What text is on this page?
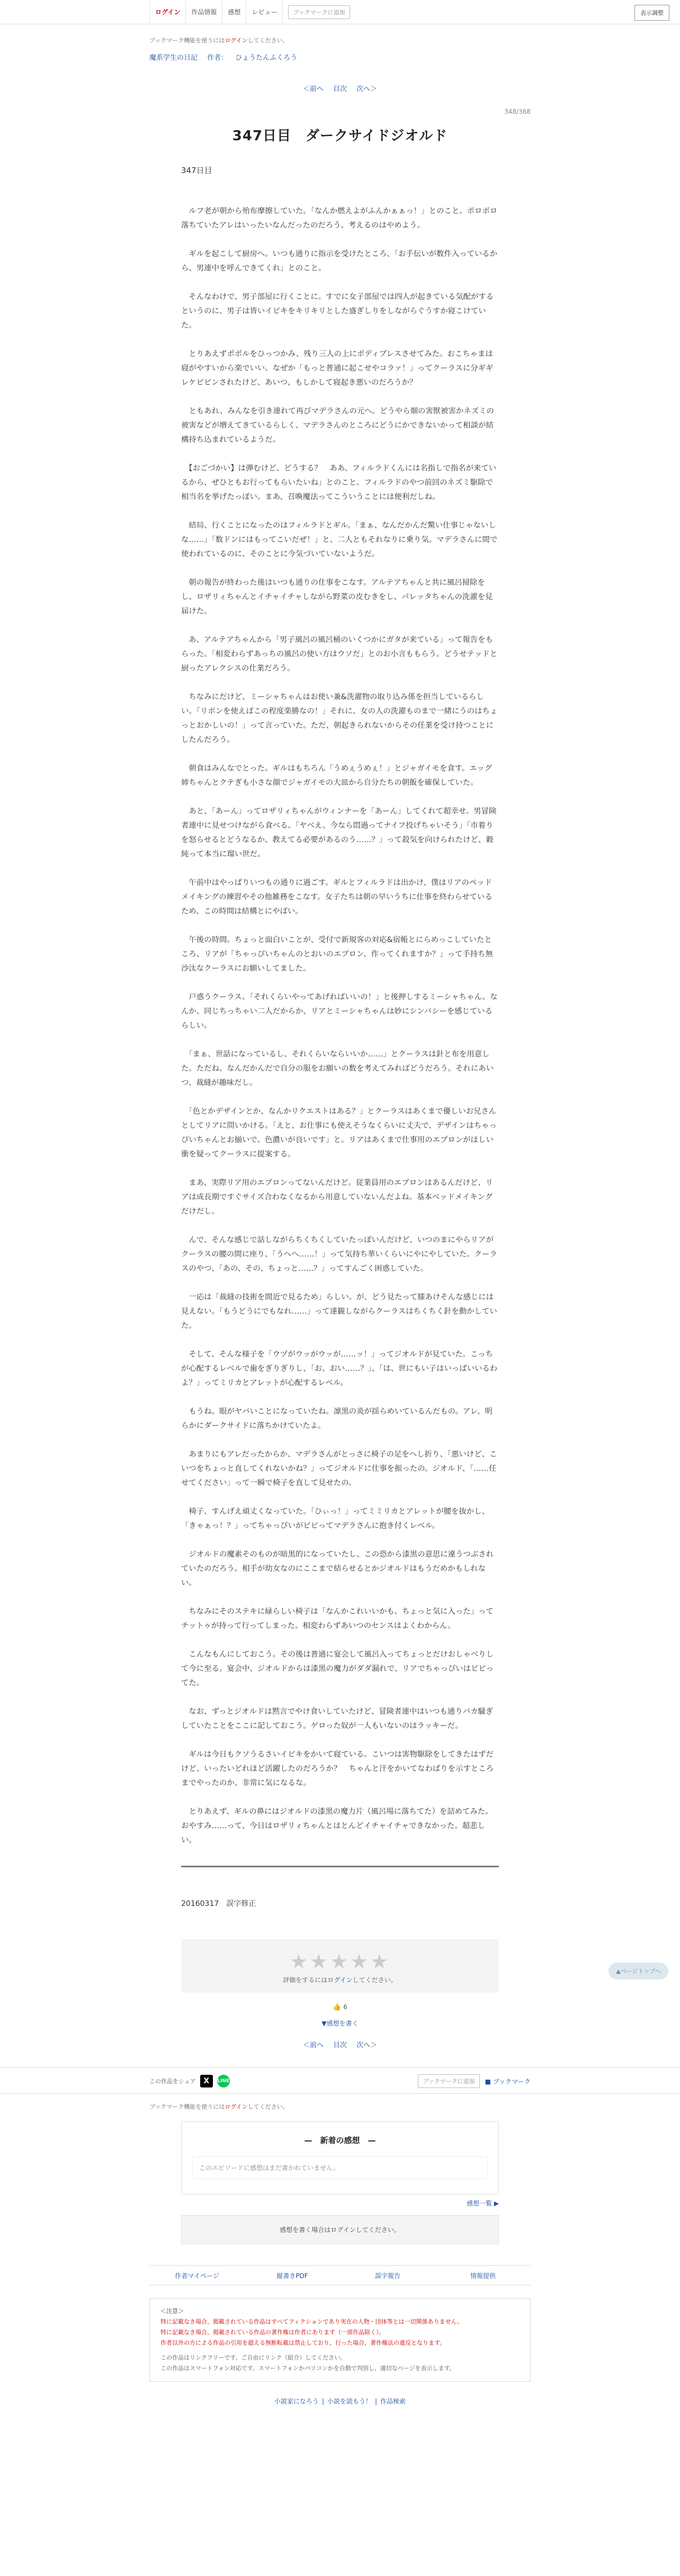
ログイン	作品情報	感想	レビュー	ブックマークに追加	表示調整
ブックマーク機能を使うにはログインしてください。
魔系学生の日記 作者： ひょうたんふくろう
＜前へ 目次 次へ＞
348/368
347日目　ダークサイドジオルド
347日目

　ルフ老が朝から殆布摩擦していた。「なんか燃えよがふんかぁぁっ！」とのこと。ボロボロ落ちていたアレはいったいなんだったのだろう。考えるのはやめよう。

　ギルを起こして厨房へ。いつも通りに指示を受けたところ、「お手伝いが数件入っているから、男連中を呼んできてくれ」とのこと。

　そんなわけで、男子部屋に行くことに。すでに女子部屋では四人が起きている気配がするというのに、男子は皆いイビキをキリキリとした盛ぎしりをしながらぐうすか寝こけていた。

　とりあえずポポルをひっつかみ、残り三人の上にポディプレスさせてみた。おこちゃまは寝がやすいから楽でいい。なぜか「もっと普通に起こせやコラァ！」ってクーラスに分ギギレケピピンされたけど、あいつ、もしかして寝起き悪いのだろうか？

　ともあれ、みんなを引き連れて再びマデラさんの元へ。どうやら畑の害獣被害かネズミの被害などが増えてきているらしく、マデラさんのところにどうにかできないかって相談が結構持ち込まれているようだ。

　【おごづかい】は弾むけど、どうする？　ああ、フィルラドくんには名指しで指名が来ているから、ぜひともお行ってもらいたいね」とのこと。フィルラドのやつ前回のネズミ駆除で相当名を挙げたっぽい。まあ、召喚魔法ってこういうことには便利だしね。

　結局、行くことになったのはフィルラドとギル。「まぁ、なんだかんだ驚い仕事じゃないしな……」「数ドンにはもってこいだぜ！」と、二人ともそれなりに乗り気。マデラさんに間で使われているのに、そのことに今気づいていないようだ。

　朝の報告が終わった後はいつも通りの仕事をこなす。アルテアちゃんと共に風呂掃除をし、ロザリィちゃんとイチャイチャしながら野菜の皮むきをし、パレッタちゃんの洗濯を見届けた。

　あ、アルテアちゃんから「男子風呂の風呂桶のいくつかにガタが来ている」って報告をもらった。「相変わらずあっちの風呂の使い方はウソだ」とのお小言ももらう。どうせテッドと厨ったアレクシスの仕業だろう。

　ちなみにだけど、ミーシャちゃんはお使い兼&洗濯物の取り込み係を担当しているらしい。「リボンを使えばこの程度楽勝なの！」それに、女の人の洗濯ものまで一緒にうのはちょっとおかしいの！」って言っていた。ただ、朝起きられないからその任業を受け持つことにしたんだろう。

　朝食はみんなでとった。ギルはもちろん「うめぇうめぇ！」とジャガイモを食す。エッグ姉ちゃんとクテぎも小さな顔でジャガイモの大皿から自分たちの朝飯を確保していた。

　あと、「あーん」ってロザリィちゃんがウィンナーを「あーん」してくれて超幸せ。男冒険者連中に見せつけながら食べる。「ヤベえ、今なら悶過ってナイフ投げちゃいそう」「市着りを怒らせるとどうなるか、教えてる必要があるのう……？」って殺気を向けられたけど、穀純って本当に瑠い世だ。

　午前中はやっぱりいつもの通りに過ごす。ギルとフィルラドは出かけ、僕はリアのペッドメイキングの練習やその他雑務をこなす。女子たちは朝の早いうちに仕事を終わらせているため、この時間は結構とにやばい。

　午後の時間。ちょっと面白いことが、受付で新規客の対応&宿帳とにらめっこしていたところ、リアが「ちゃっぴいちゃんのとおいのエプロン、作ってくれますか？」って手持ち無沙汰なクーラスにお願いしてました。

　戸惑うクーラス。「それくらいやってあげればいいの！」と後押しするミーシャちゃん。なんか、同じちっちゃい二人だからか、リアとミーシャちゃんは妙にシンパシーを感じているらしい。

　「まぁ、世話になっているし、それくらいならいいか……」とクーラスは針と布を用意した。ただね、なんだかんだで自分の服をお願いの数を考えてみればどうだろう。それにあいつ、裁縫が趣味だし。

　「色とかデザインとか、なんかリクエストはある？」とクーラスはあくまで優しいお兄さんとしてリアに問いかける。「えと、お仕事にも使えそうなくらいに丈夫で、デザインはちゃっぴいちゃんとお揃いで。色濃いが良いです」と。リアはあくまで仕事用のエプロンがほしい衝を疑ってクーラスに提案する。

　まあ、実際リア用のエプロンってないんだけど。従業員用のエプロンはあるんだけど、リアは成長期ですぐサイズ合わなくなるから用意していないんだよね。基本ベッドメイキングだけだし。

　んで、そんな感じで話しながらちくちくしていたっぽいんだけど、いつのまにやらリアがクーラスの腰の間に座り、「うへへ……！」って気持ち華いくらいにやにやしていた。クーラスのやつ、「あの、その、ちょっと……？」ってすんごく困惑していた。

　一応は「裁縫の技術を間近で見るため」らしい。が、どう見たって膝あけそんな感じには見えない。「もうどうにでもなれ……」って達観しながらクーラスはちくちく針を動かしていた。

　そして、そんな様子を「ウヅがウッがウッが……ッ！」ってジオルドが見ていた。こっちが心配するレベルで歯をぎりぎりし、「お、おい……？」、「は、世にもい子はいっぱいいるわよ？」ってミリカとアレットが心配するレベル。

　もうね。眼がヤバいことになっていたね。凛黒の炎が揺らめいているんだもの。アレ、明らかにダークサイドに落ちかけていたよ。

　あまりにもアレだったからか、マデラさんがとっさに椅子の足をへし折り、「悪いけど、こいつをちょっと直してくれないかね？」ってジオルドに仕事を振ったの。ジオルド、「……任せてください」って一瞬で椅子を直して見せたの。

　椅子、すんげえ頑丈くなっていた。「ひぃっ！」ってミミリカとアレットが腰を抜かし、「きゃぁっ！？」ってちゃっぴいがビビってマデラさんに抱き付くレベル。

　ジオルドの魔素そのものが暗黒的になっていたし、この恐から漆黒の意思に違うつぶされていたのだろう。相手が幼女なのにここまで結らせるとかジオルドはもうだめかもしれない。

　ちなみにそのステキに緑らしい椅子は「なんかこれいいかも。ちょっと気に入った」ってチットゥが持って行ってしまった。相変わらずあいつのセンスはよくわからん。

　こんなもんにしておこう。その後は普通に宴会して風呂入ってちょっとだけおしゃべりして今に至る。宴会中、ジオルドからは漆黒の魔力がダダ漏れで、リアでちゃっぴいはビビってた。

　なお、ずっとジオルドは黙言でやけ食いしていたけど、冒険者連中はいつも通りバカ騒ぎしていたことをここに記しておこう。ゲロった奴が一人もいないのはラッキーだ。

　ギルは今日もクソうるさいイビキをかいて寝ている。こいつは害物駆除をしてきたはずだけど、いったいどれほど活躍したのだろうか？　ちゃんと汗をかいてなわばりを示すところまでやったのか、非常に気になるな。

　とりあえず、ギルの鼻にはジオルドの漆黒の魔力片（風呂場に落ちてた）を詰めてみた。おやすみ……って、今日はロザリィちゃんとはとんどイチャイチャできなかった。超悲しい。

20160317　誤字修正
★★★★★
評価をするにはログインしてください。
👍 6
▼感想を書く
＜前へ 目次 次へ＞
この作品をシェア	X	LINE	ブックマークに追加	■ ブックマーク
ブックマーク機能を使うにはログインしてください。
—　新着の感想　—
このエピソードに感想はまだ書かれていません。
感想一覧 ▶
感想を書く場合はログインしてください。
作者マイページ	縦書きPDF	誤字報告	情報提供
＜注意＞
特に記載なき場合、掲載されている作品はすべてフィクションであり実在の人物・団体等とは一切関係ありません。
特に記載なき場合、掲載されている作品の著作権は作者にあります（一部作品除く）。
作者以外の方による作品の引用を超える無断転載は禁止しており、行った場合、著作権法の違反となります。
この作品はリンクフリーです。ご自由にリンク（紹介）してください。
この作品はスマートフォン対応です。スマートフォンかパソコンかを自動で判別し、適切なページを表示します。
小説家になろう | 小説を読もう！ | 作品検索
▲ページトップへ
